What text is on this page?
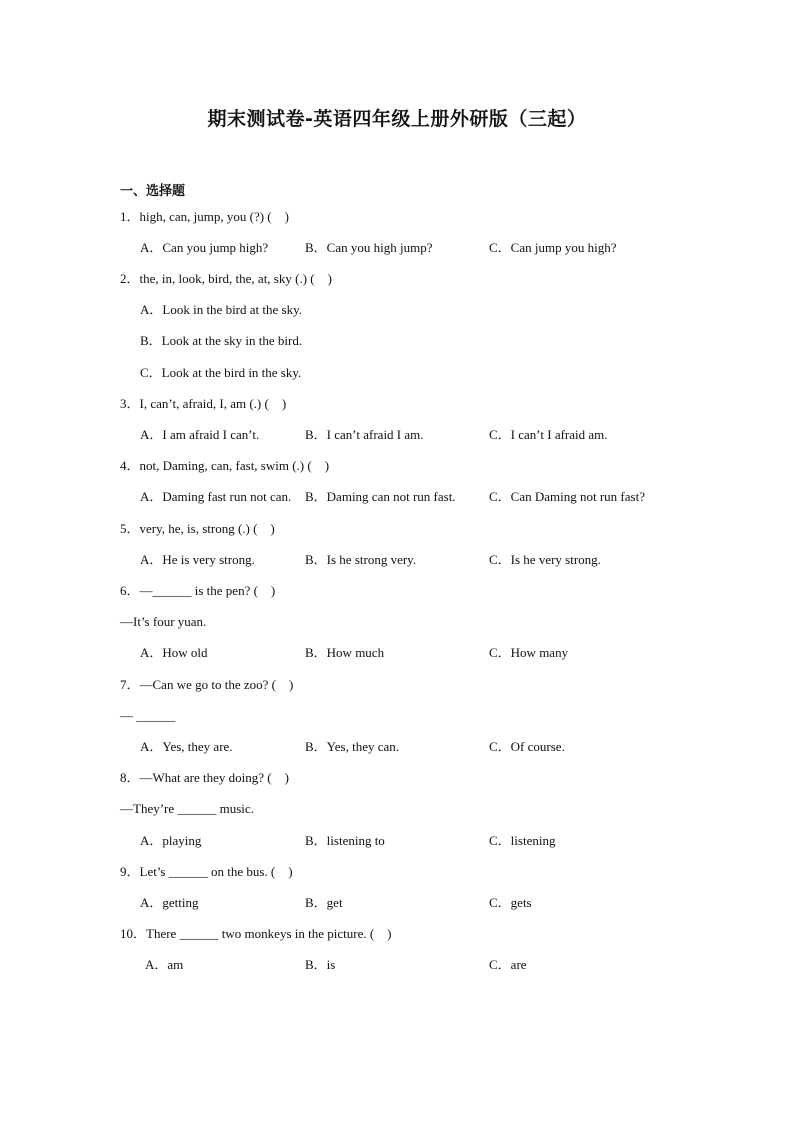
期末测试卷-英语四年级上册外研版（三起）
一、选择题
1．high, can, jump, you (?) (　)
A．Can you jump high?	B．Can you high jump?	C．Can jump you high?
2．the, in, look, bird, the, at, sky (.) (　)
A．Look in the bird at the sky.
B．Look at the sky in the bird.
C．Look at the bird in the sky.
3．I, can’t, afraid, I, am (.) (　)
A．I am afraid I can’t.	B．I can’t afraid I am.	C．I can’t I afraid am.
4．not, Daming, can, fast, swim (.) (　)
A．Daming fast run not can. B．Daming can not run fast.	C．Can Daming not run fast?
5．very, he, is, strong (.) (　)
A．He is very strong.	B．Is he strong very.	C．Is he very strong.
6．—______ is the pen? (　)
—It’s four yuan.
A．How old	B．How much	C．How many
7．—Can we go to the zoo? (　)
— ______
A．Yes, they are.	B．Yes, they can.	C．Of course.
8．—What are they doing? (　)
—They’re ______ music.
A．playing	B．listening to	C．listening
9．Let’s ______ on the bus. (　)
A．getting	B．get	C．gets
10．There ______ two monkeys in the picture. (　)
A．am	B．is	C．are
